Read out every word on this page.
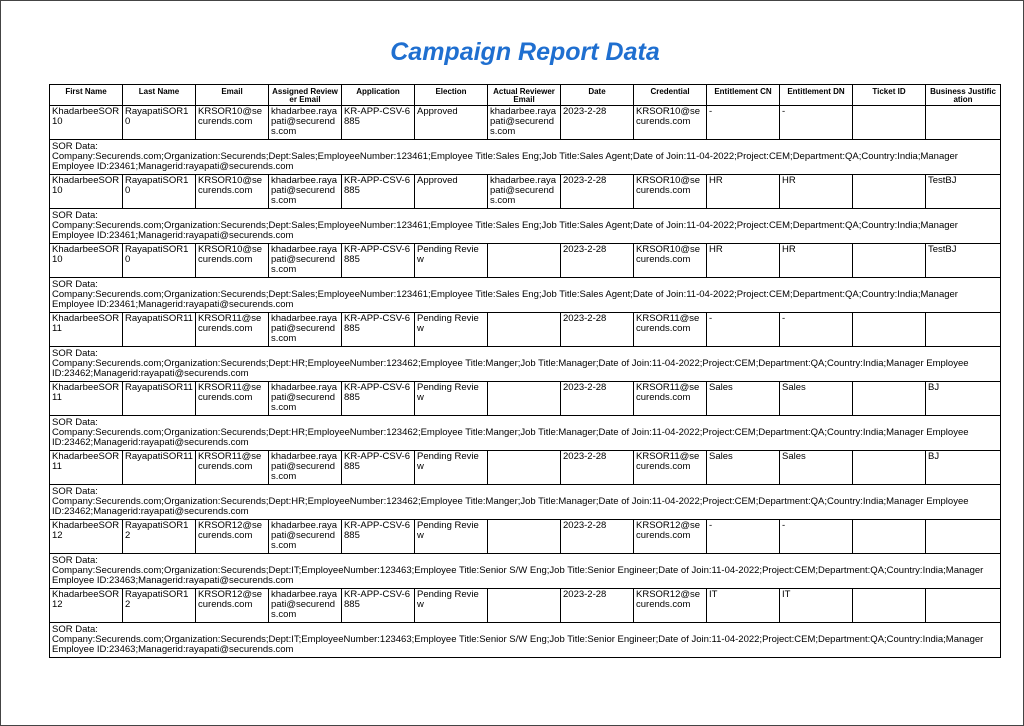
Campaign Report Data
First Name	Last Name	Email	Assigned Reviewer Email	Application	Election	Actual Reviewer Email	Date	Credential	Entitlement CN	Entitlement DN	Ticket ID	Business Justification
KhadarbeeSOR10	RayapatiSOR10	KRSOR10@securends.com	khadarbee.rayapati@securends.com	KR-APP-CSV-6885	Approved	khadarbee.rayapati@securends.com	2023-2-28	KRSOR10@securends.com	-	-		
SOR Data:
Company:Securends.com;Organization:Securends;Dept:Sales;EmployeeNumber:123461;Employee Title:Sales Eng;Job Title:Sales Agent;Date of Join:11-04-2022;Project:CEM;Department:QA;Country:India;Manager Employee ID:23461;Managerid:rayapati@securends.com												
KhadarbeeSOR10	RayapatiSOR10	KRSOR10@securends.com	khadarbee.rayapati@securends.com	KR-APP-CSV-6885	Approved	khadarbee.rayapati@securends.com	2023-2-28	KRSOR10@securends.com	HR	HR		TestBJ
SOR Data:
Company:Securends.com;Organization:Securends;Dept:Sales;EmployeeNumber:123461;Employee Title:Sales Eng;Job Title:Sales Agent;Date of Join:11-04-2022;Project:CEM;Department:QA;Country:India;Manager Employee ID:23461;Managerid:rayapati@securends.com												
KhadarbeeSOR10	RayapatiSOR10	KRSOR10@securends.com	khadarbee.rayapati@securends.com	KR-APP-CSV-6885	Pending Review		2023-2-28	KRSOR10@securends.com	HR	HR		TestBJ
SOR Data:
Company:Securends.com;Organization:Securends;Dept:Sales;EmployeeNumber:123461;Employee Title:Sales Eng;Job Title:Sales Agent;Date of Join:11-04-2022;Project:CEM;Department:QA;Country:India;Manager Employee ID:23461;Managerid:rayapati@securends.com												
KhadarbeeSOR11	RayapatiSOR11	KRSOR11@securends.com	khadarbee.rayapati@securends.com	KR-APP-CSV-6885	Pending Review		2023-2-28	KRSOR11@securends.com	-	-		
SOR Data:
Company:Securends.com;Organization:Securends;Dept:HR;EmployeeNumber:123462;Employee Title:Manger;Job Title:Manager;Date of Join:11-04-2022;Project:CEM;Department:QA;Country:India;Manager Employee ID:23462;Managerid:rayapati@securends.com												
KhadarbeeSOR11	RayapatiSOR11	KRSOR11@securends.com	khadarbee.rayapati@securends.com	KR-APP-CSV-6885	Pending Review		2023-2-28	KRSOR11@securends.com	Sales	Sales		BJ
SOR Data:
Company:Securends.com;Organization:Securends;Dept:HR;EmployeeNumber:123462;Employee Title:Manger;Job Title:Manager;Date of Join:11-04-2022;Project:CEM;Department:QA;Country:India;Manager Employee ID:23462;Managerid:rayapati@securends.com												
KhadarbeeSOR11	RayapatiSOR11	KRSOR11@securends.com	khadarbee.rayapati@securends.com	KR-APP-CSV-6885	Pending Review		2023-2-28	KRSOR11@securends.com	Sales	Sales		BJ
SOR Data:
Company:Securends.com;Organization:Securends;Dept:HR;EmployeeNumber:123462;Employee Title:Manger;Job Title:Manager;Date of Join:11-04-2022;Project:CEM;Department:QA;Country:India;Manager Employee ID:23462;Managerid:rayapati@securends.com												
KhadarbeeSOR12	RayapatiSOR12	KRSOR12@securends.com	khadarbee.rayapati@securends.com	KR-APP-CSV-6885	Pending Review		2023-2-28	KRSOR12@securends.com	-	-		
SOR Data:
Company:Securends.com;Organization:Securends;Dept:IT;EmployeeNumber:123463;Employee Title:Senior S/W Eng;Job Title:Senior Engineer;Date of Join:11-04-2022;Project:CEM;Department:QA;Country:India;Manager Employee ID:23463;Managerid:rayapati@securends.com												
KhadarbeeSOR12	RayapatiSOR12	KRSOR12@securends.com	khadarbee.rayapati@securends.com	KR-APP-CSV-6885	Pending Review		2023-2-28	KRSOR12@securends.com	IT	IT		
SOR Data:
Company:Securends.com;Organization:Securends;Dept:IT;EmployeeNumber:123463;Employee Title:Senior S/W Eng;Job Title:Senior Engineer;Date of Join:11-04-2022;Project:CEM;Department:QA;Country:India;Manager Employee ID:23463;Managerid:rayapati@securends.com												
